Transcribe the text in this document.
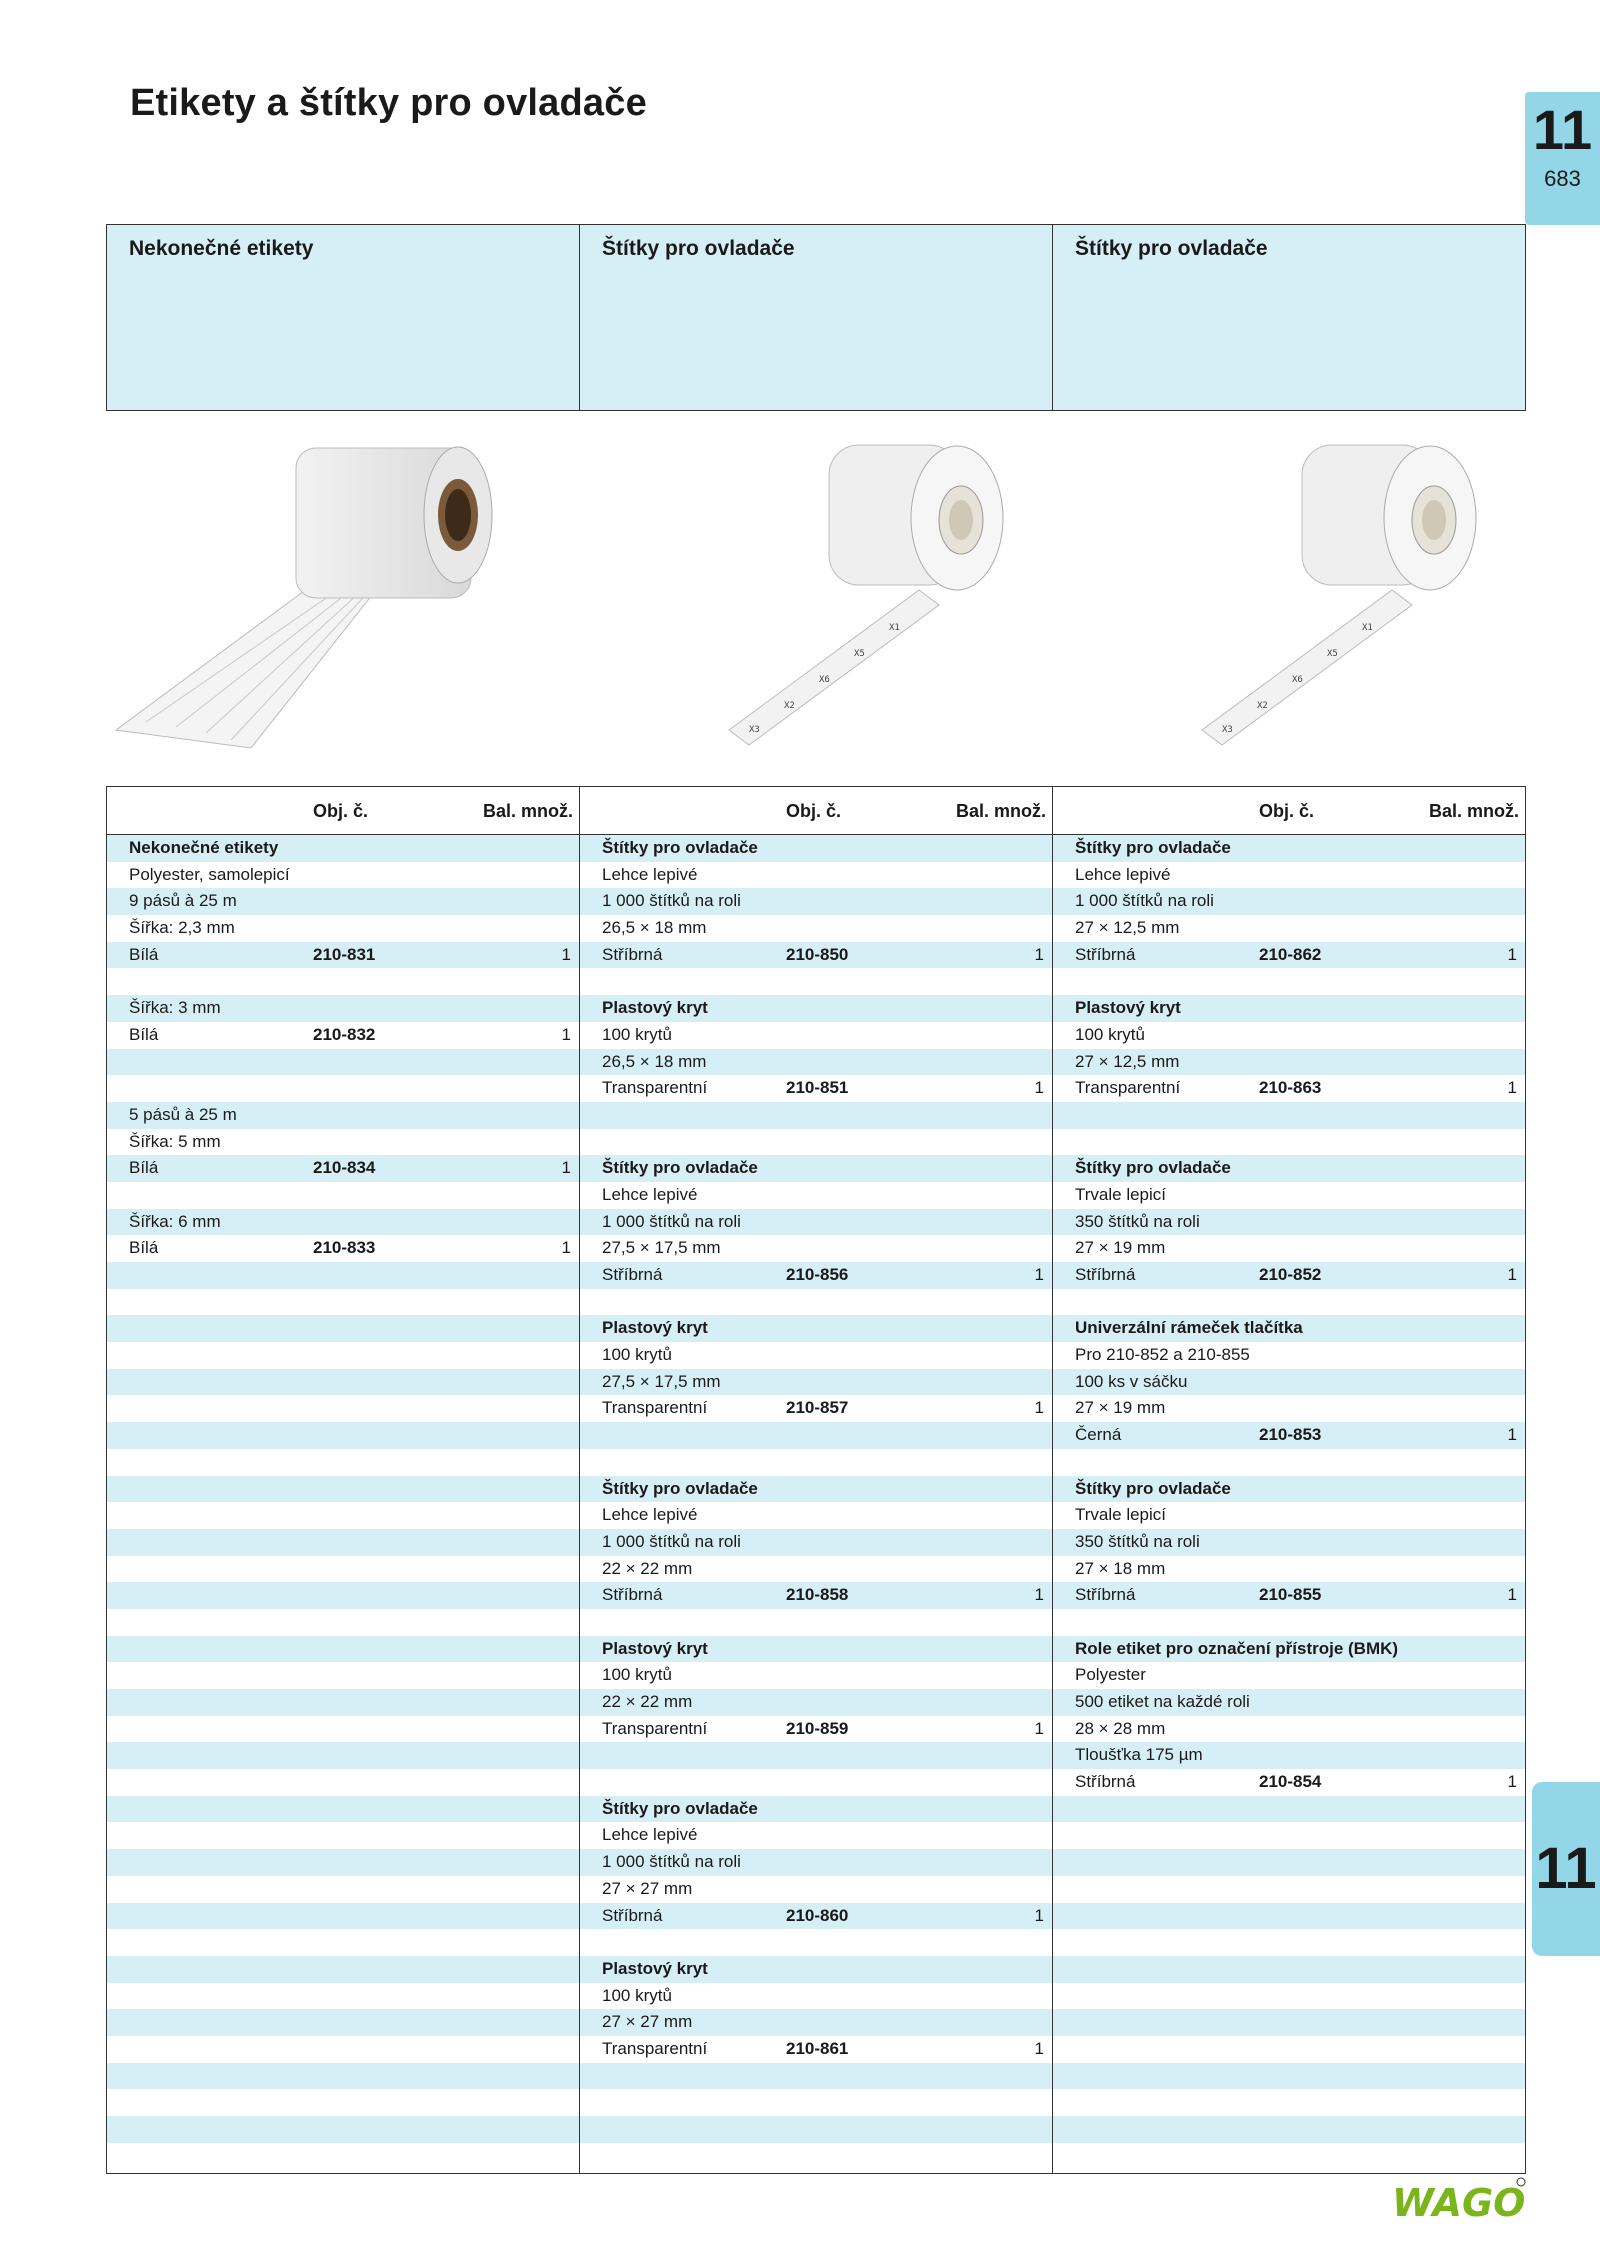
Etikety a štítky pro ovladače	11
683
11
Nekonečné etikety	Štítky pro ovladače	Štítky pro ovladače
X3
X2
X6
X5
X1
X3
X2
X6
X5
X1
Obj. č.	Bal. množ.
Nekonečné etikety
Polyester, samolepicí
9 pásů à 25 m
Šířka: 2,3 mm
Bílá	210-831	1
Šířka: 3 mm
Bílá	210-832	1
5 pásů à 25 m
Šířka: 5 mm
Bílá	210-834	1
Šířka: 6 mm
Bílá	210-833	1
Obj. č.	Bal. množ.
Štítky pro ovladače
Lehce lepivé
1 000 štítků na roli
26,5 × 18 mm
Stříbrná	210-850	1
Plastový kryt
100 krytů
26,5 × 18 mm
Transparentní	210-851	1
Štítky pro ovladače
Lehce lepivé
1 000 štítků na roli
27,5 × 17,5 mm
Stříbrná	210-856	1
Plastový kryt
100 krytů
27,5 × 17,5 mm
Transparentní	210-857	1
Štítky pro ovladače
Lehce lepivé
1 000 štítků na roli
22 × 22 mm
Stříbrná	210-858	1
Plastový kryt
100 krytů
22 × 22 mm
Transparentní	210-859	1
Štítky pro ovladače
Lehce lepivé
1 000 štítků na roli
27 × 27 mm
Stříbrná	210-860	1
Plastový kryt
100 krytů
27 × 27 mm
Transparentní	210-861	1
Obj. č.	Bal. množ.
Štítky pro ovladače
Lehce lepivé
1 000 štítků na roli
27 × 12,5 mm
Stříbrná	210-862	1
Plastový kryt
100 krytů
27 × 12,5 mm
Transparentní	210-863	1
Štítky pro ovladače
Trvale lepicí
350 štítků na roli
27 × 19 mm
Stříbrná	210-852	1
Univerzální rámeček tlačítka
Pro 210-852 a 210-855
100 ks v sáčku
27 × 19 mm
Černá	210-853	1
Štítky pro ovladače
Trvale lepicí
350 štítků na roli
27 × 18 mm
Stříbrná	210-855	1
Role etiket pro označení přístroje (BMK)
Polyester
500 etiket na každé roli
28 × 28 mm
Tloušťka 175 µm
Stříbrná	210-854	1
WAGO
